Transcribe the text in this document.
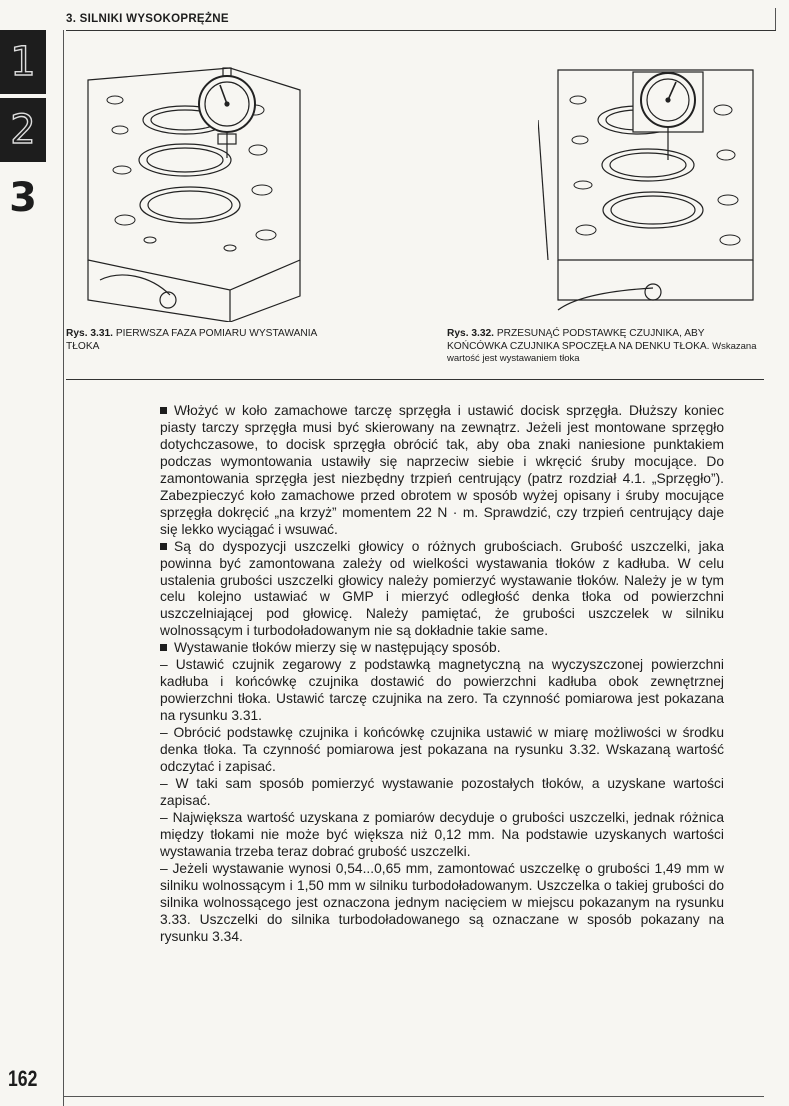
3. SILNIKI WYSOKOPRĘŻNE
1
2
3
Rys. 3.31. PIERWSZA FAZA POMIARU WYSTAWANIA TŁOKA
Rys. 3.32. PRZESUNĄĆ PODSTAWKĘ CZUJNIKA, ABY KOŃCÓWKA CZUJNIKA SPOCZĘŁA NA DENKU TŁOKA. Wskazana wartość jest wystawaniem tłoka

Włożyć w koło zamachowe tarczę sprzęgła i ustawić docisk sprzęgła. Dłuższy koniec piasty tarczy sprzęgła musi być skierowany na zewnątrz. Jeżeli jest montowane sprzęgło dotychczasowe, to docisk sprzęgła obrócić tak, aby oba znaki naniesione punktakiem podczas wymontowania ustawiły się naprzeciw siebie i wkręcić śruby mocujące. Do zamontowania sprzęgła jest niezbędny trzpień centrujący (patrz rozdział 4.1. „Sprzęgło”). Zabezpieczyć koło zamachowe przed obrotem w sposób wyżej opisany i śruby mocujące sprzęgła dokręcić „na krzyż” momentem 22 N · m. Sprawdzić, czy trzpień centrujący daje się lekko wyciągać i wsuwać.

Są do dyspozycji uszczelki głowicy o różnych grubościach. Grubość uszczelki, jaka powinna być zamontowana zależy od wielkości wystawania tłoków z kadłuba. W celu ustalenia grubości uszczelki głowicy należy pomierzyć wystawanie tłoków. Należy je w tym celu kolejno ustawiać w GMP i mierzyć odległość denka tłoka od powierzchni uszczelniającej pod głowicę. Należy pamiętać, że grubości uszczelek w silniku wolnossącym i turbodoładowanym nie są dokładnie takie same.

Wystawanie tłoków mierzy się w następujący sposób.

– Ustawić czujnik zegarowy z podstawką magnetyczną na wyczyszczonej powierzchni kadłuba i końcówkę czujnika dostawić do powierzchni kadłuba obok zewnętrznej powierzchni tłoka. Ustawić tarczę czujnika na zero. Ta czynność pomiarowa jest pokazana na rysunku 3.31.

– Obrócić podstawkę czujnika i końcówkę czujnika ustawić w miarę możliwości w środku denka tłoka. Ta czynność pomiarowa jest pokazana na rysunku 3.32. Wskazaną wartość odczytać i zapisać.

– W taki sam sposób pomierzyć wystawanie pozostałych tłoków, a uzyskane wartości zapisać.

– Największa wartość uzyskana z pomiarów decyduje o grubości uszczelki, jednak różnica między tłokami nie może być większa niż 0,12 mm. Na podstawie uzyskanych wartości wystawania trzeba teraz dobrać grubość uszczelki.

– Jeżeli wystawanie wynosi 0,54...0,65 mm, zamontować uszczelkę o grubości 1,49 mm w silniku wolnossącym i 1,50 mm w silniku turbodoładowanym. Uszczelka o takiej grubości do silnika wolnossącego jest oznaczona jednym nacięciem w miejscu pokazanym na rysunku 3.33. Uszczelki do silnika turbodoładowanego są oznaczane w sposób pokazany na rysunku 3.34.

162
